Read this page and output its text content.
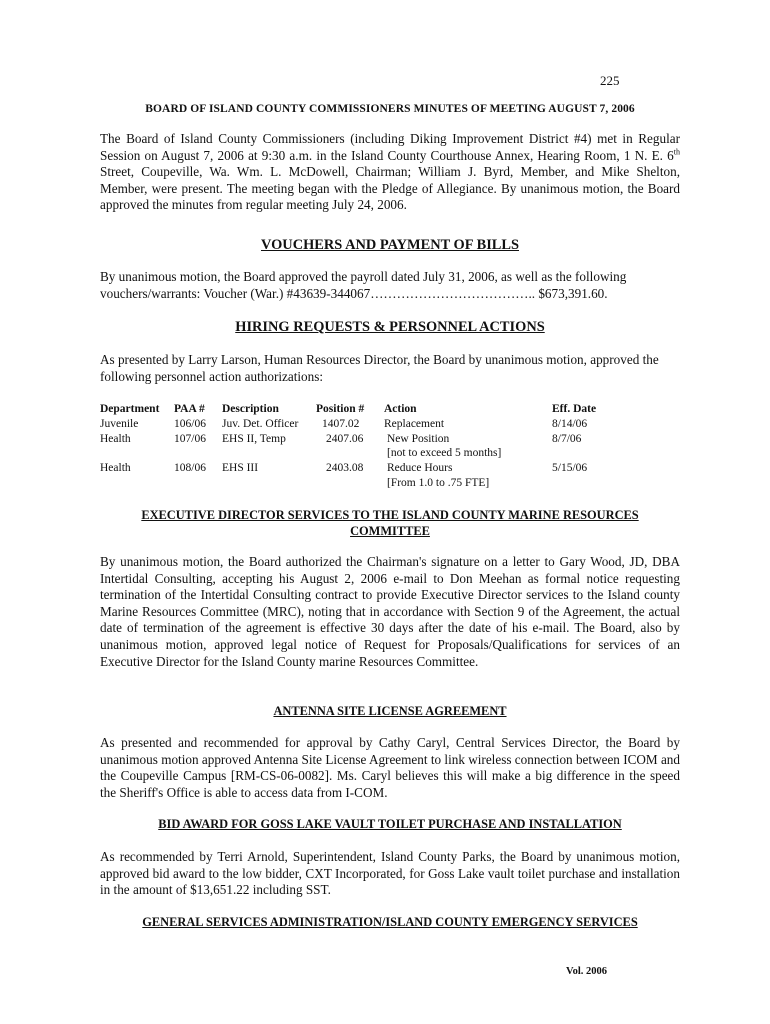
225
BOARD OF ISLAND COUNTY COMMISSIONERS MINUTES OF MEETING AUGUST 7, 2006
The Board of Island County Commissioners (including Diking Improvement District #4) met in Regular Session on August 7, 2006 at 9:30 a.m. in the Island County Courthouse Annex, Hearing Room, 1 N. E. 6th Street, Coupeville, Wa. Wm. L. McDowell, Chairman; William J. Byrd, Member, and Mike Shelton, Member, were present. The meeting began with the Pledge of Allegiance. By unanimous motion, the Board approved the minutes from regular meeting July 24, 2006.
VOUCHERS AND PAYMENT OF BILLS
By unanimous motion, the Board approved the payroll dated July 31, 2006, as well as the following vouchers/warrants: Voucher (War.) #43639-344067……………………………….. $673,391.60.
HIRING REQUESTS & PERSONNEL ACTIONS
As presented by Larry Larson, Human Resources Director, the Board by unanimous motion, approved the following personnel action authorizations:
Department	PAA #	Description	Position #	Action	Eff. Date
Juvenile	106/06	Juv. Det. Officer	1407.02	Replacement	8/14/06
Health	107/06	EHS II, Temp	2407.06	New Position	8/7/06
				[not to exceed 5 months]	
Health	108/06	EHS III	2403.08	Reduce Hours	5/15/06
				[From 1.0 to .75 FTE]	
EXECUTIVE DIRECTOR SERVICES TO THE ISLAND COUNTY MARINE RESOURCES
COMMITTEE
By unanimous motion, the Board authorized the Chairman's signature on a letter to Gary Wood, JD, DBA Intertidal Consulting, accepting his August 2, 2006 e-mail to Don Meehan as formal notice requesting termination of the Intertidal Consulting contract to provide Executive Director services to the Island county Marine Resources Committee (MRC), noting that in accordance with Section 9 of the Agreement, the actual date of termination of the agreement is effective 30 days after the date of his e-mail. The Board, also by unanimous motion, approved legal notice of Request for Proposals/Qualifications for services of an Executive Director for the Island County marine Resources Committee.
ANTENNA SITE LICENSE AGREEMENT
As presented and recommended for approval by Cathy Caryl, Central Services Director, the Board by unanimous motion approved Antenna Site License Agreement to link wireless connection between ICOM and the Coupeville Campus [RM-CS-06-0082]. Ms. Caryl believes this will make a big difference in the speed the Sheriff's Office is able to access data from I-COM.
BID AWARD FOR GOSS LAKE VAULT TOILET PURCHASE AND INSTALLATION
As recommended by Terri Arnold, Superintendent, Island County Parks, the Board by unanimous motion, approved bid award to the low bidder, CXT Incorporated, for Goss Lake vault toilet purchase and installation in the amount of $13,651.22 including SST.
GENERAL SERVICES ADMINISTRATION/ISLAND COUNTY EMERGENCY SERVICES
Vol. 2006
